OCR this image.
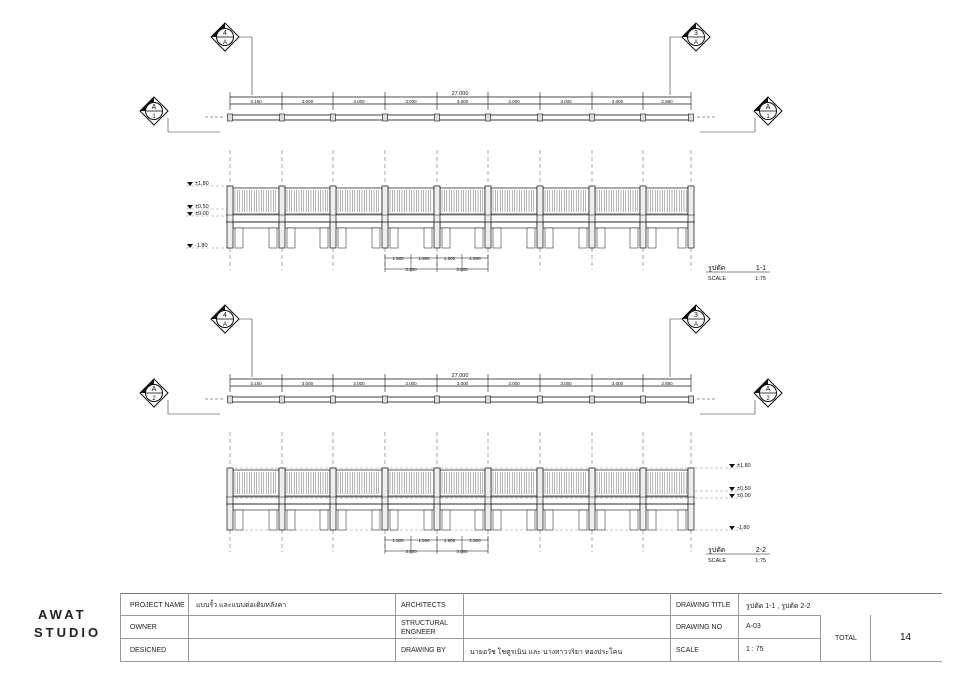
27.000
3.150	3.000	3.000	3.000	3.000	3.000	3.000	3.000	2.850
±1.80
±0.50
±0.00
-1.80
1.500	1.500	1.500	1.500
3.000	3.000	รูปตัด	1-1
SCALE	1:75
4
A
3
A
A
1
A
1
27.000
3.150	3.000	3.000	3.000	3.000	3.000	3.000	3.000	2.850
±1.80
±0.50
±0.00
-1.80
1.500	1.500	1.500	1.500
3.000	3.000	รูปตัด	2-2
SCALE	1:75
4
A
3
A
A
2
A
2
AWAT
STUDIO
PROJECT NAME แบบรั้ว และแบบต่อเติมหลังคา
OWNER
DESICNED
ARCHITECTS
STRUCTURAL ENGNEER
DRAWING BY	นายอวัช โชตูรเนิน และ นางสาววริยา ทองประโคน
DRAWING TITLE รูปตัด 1-1 , รูปตัด 2-2
DRAWING NO	A-03
SCALE	1 : 75
TOTAL	14
